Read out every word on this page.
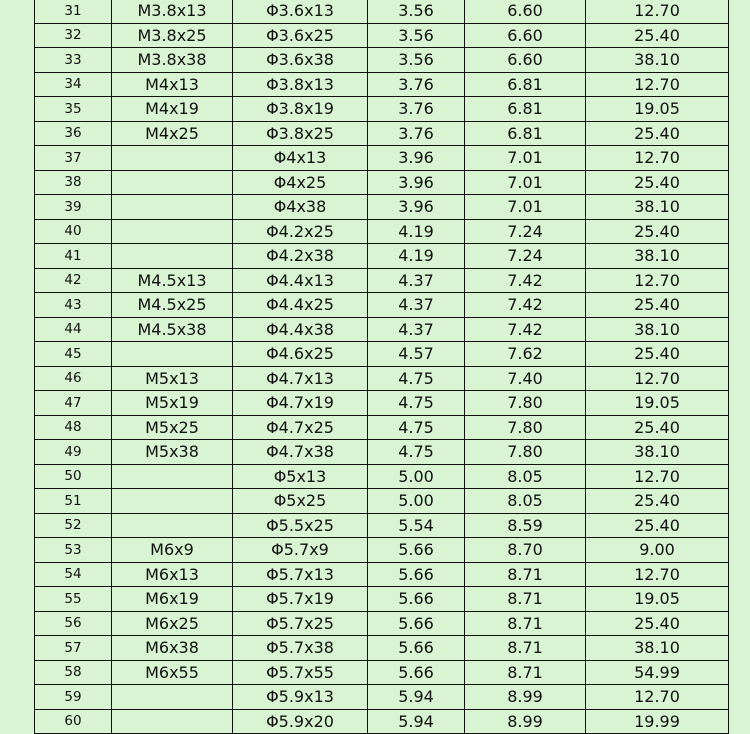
31	M3.8x13	Φ3.6x13	3.56	6.60	12.70
32	M3.8x25	Φ3.6x25	3.56	6.60	25.40
33	M3.8x38	Φ3.6x38	3.56	6.60	38.10
34	M4x13	Φ3.8x13	3.76	6.81	12.70
35	M4x19	Φ3.8x19	3.76	6.81	19.05
36	M4x25	Φ3.8x25	3.76	6.81	25.40
37		Φ4x13	3.96	7.01	12.70
38		Φ4x25	3.96	7.01	25.40
39		Φ4x38	3.96	7.01	38.10
40		Φ4.2x25	4.19	7.24	25.40
41		Φ4.2x38	4.19	7.24	38.10
42	M4.5x13	Φ4.4x13	4.37	7.42	12.70
43	M4.5x25	Φ4.4x25	4.37	7.42	25.40
44	M4.5x38	Φ4.4x38	4.37	7.42	38.10
45		Φ4.6x25	4.57	7.62	25.40
46	M5x13	Φ4.7x13	4.75	7.40	12.70
47	M5x19	Φ4.7x19	4.75	7.80	19.05
48	M5x25	Φ4.7x25	4.75	7.80	25.40
49	M5x38	Φ4.7x38	4.75	7.80	38.10
50		Φ5x13	5.00	8.05	12.70
51		Φ5x25	5.00	8.05	25.40
52		Φ5.5x25	5.54	8.59	25.40
53	M6x9	Φ5.7x9	5.66	8.70	9.00
54	M6x13	Φ5.7x13	5.66	8.71	12.70
55	M6x19	Φ5.7x19	5.66	8.71	19.05
56	M6x25	Φ5.7x25	5.66	8.71	25.40
57	M6x38	Φ5.7x38	5.66	8.71	38.10
58	M6x55	Φ5.7x55	5.66	8.71	54.99
59		Φ5.9x13	5.94	8.99	12.70
60		Φ5.9x20	5.94	8.99	19.99
